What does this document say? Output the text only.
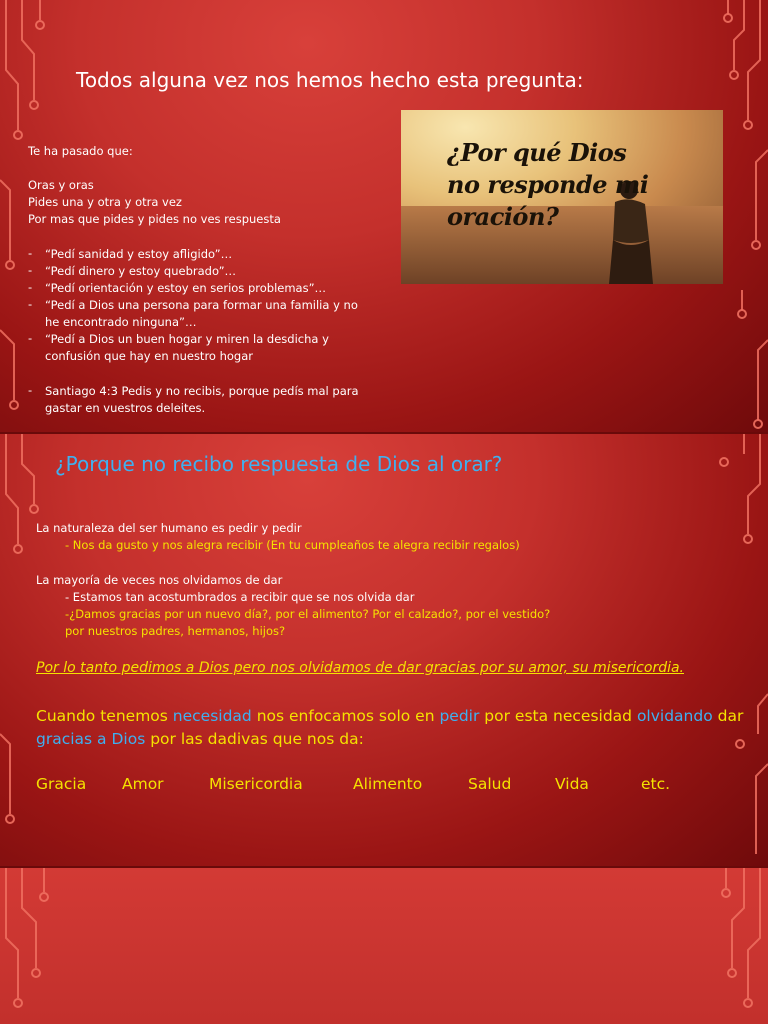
Todos alguna vez nos hemos hecho esta pregunta:

Te ha pasado que:

Oras y oras

Pides una y otra y otra vez

Por mas que pides y pides no ves respuesta

- “Pedí sanidad y estoy afligido”…
- “Pedí dinero y estoy quebrado”…
- “Pedí orientación y estoy en serios problemas”…
- “Pedí a Dios una persona para formar una familia y no
he encontrado ninguna”…
- “Pedí a Dios un buen hogar y miren la desdicha y
confusión que hay en nuestro hogar
- Santiago 4:3 Pedis y no recibis, porque pedís mal para
gastar en vuestros deleites.
¿Por qué Dios
no responde mi
oración?

¿Porque no recibo respuesta de Dios al orar?

La naturaleza del ser humano es pedir y pedir
- Nos da gusto y nos alegra recibir (En tu cumpleaños te alegra recibir regalos)
La mayoría de veces nos olvidamos de dar
- Estamos tan acostumbrados a recibir que se nos olvida dar
-¿Damos gracias por un nuevo día?, por el alimento? Por el calzado?, por el vestido?
por nuestros padres, hermanos, hijos?
Por lo tanto pedimos a Dios pero nos olvidamos de dar gracias por su amor, su misericordia.
Cuando tenemos necesidad nos enfocamos solo en pedir por esta necesidad olvidando dar
gracias a Dios por las dadivas que nos da:
Gracia Amor	Misericordia	Alimento	Salud	Vida	etc.
